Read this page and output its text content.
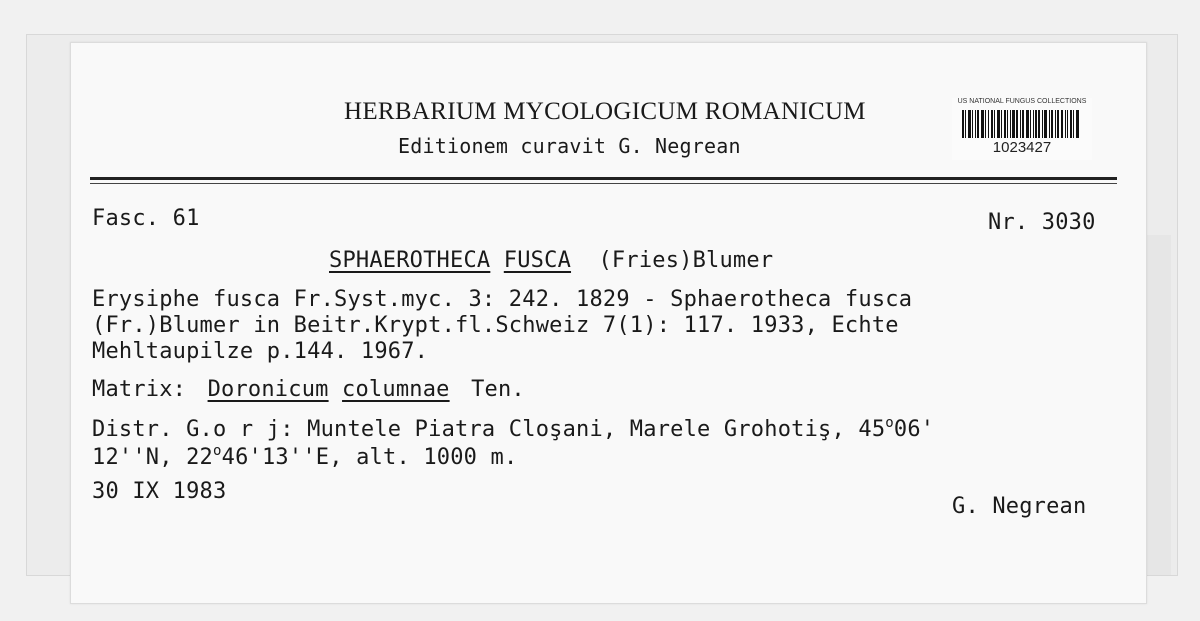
HERBARIUM MYCOLOGICUM ROMANICUM
Editionem curavit G. Negrean
US NATIONAL FUNGUS COLLECTIONS
1023427
Fasc. 61	Nr. 3030
SPHAEROTHECA FUSCA (Fries)Blumer
Erysiphe fusca Fr.Syst.myc. 3: 242. 1829 - Sphaerotheca fusca
(Fr.)Blumer in Beitr.Krypt.fl.Schweiz 7(1): 117. 1933, Echte
Mehltaupilze p.144. 1967.
Matrix: Doronicum columnae Ten.
Distr. G.o r j: Muntele Piatra Cloşani, Marele Grohotiş, 45$^o$06'
12''N, 22$^o$46'13''E, alt. 1000 m.
30 IX 1983
G. Negrean
